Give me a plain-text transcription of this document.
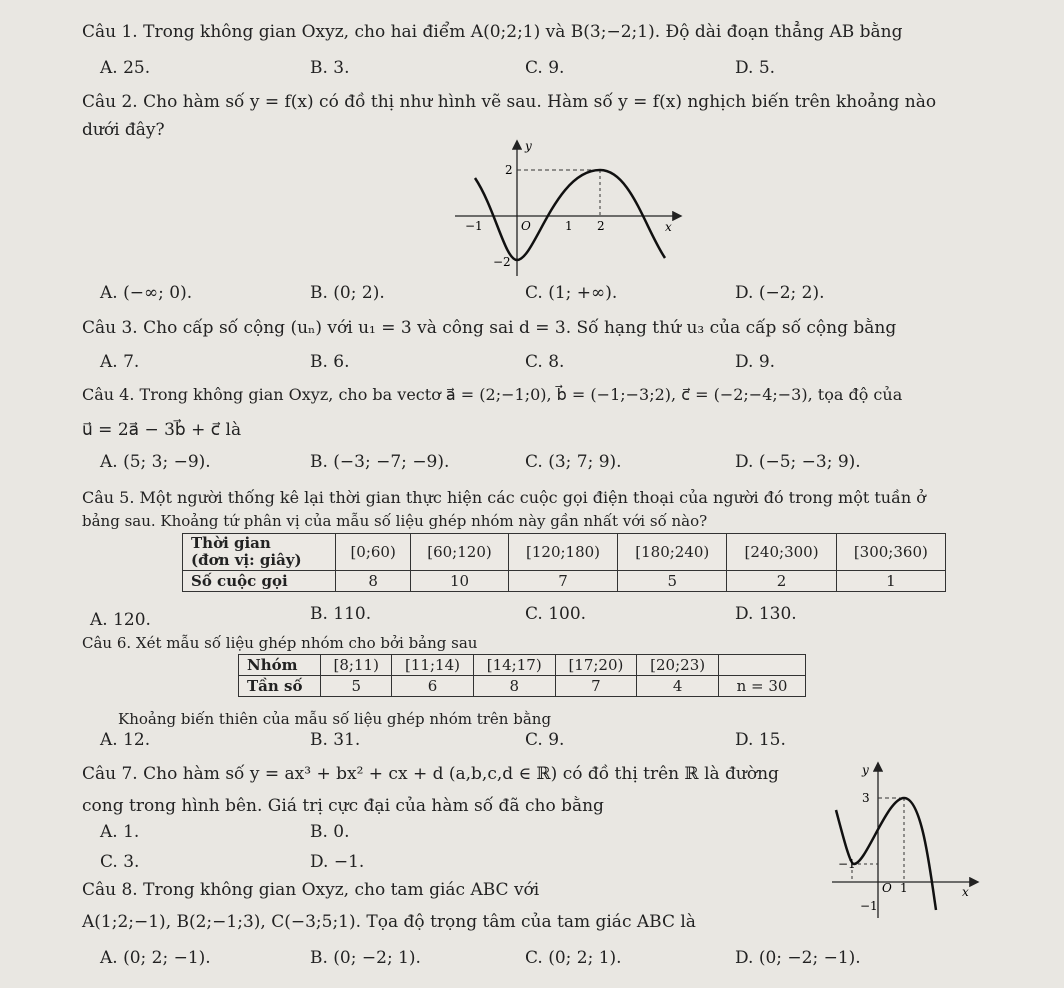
Câu 1. Trong không gian Oxyz, cho hai điểm A(0;2;1) và B(3;−2;1). Độ dài đoạn thẳng AB bằng
A. 25.	B. 3.	C. 9.	D. 5.
Câu 2. Cho hàm số y = f(x) có đồ thị như hình vẽ sau. Hàm số y = f(x) nghịch biến trên khoảng nào
dưới đây?
y
x
2
−2
−1	O	1 2
A. (−∞; 0).	B. (0; 2).	C. (1; +∞).	D. (−2; 2).
Câu 3. Cho cấp số cộng (uₙ) với u₁ = 3 và công sai d = 3. Số hạng thứ u₃ của cấp số cộng bằng
A. 7.	B. 6.	C. 8.	D. 9.
Câu 4. Trong không gian Oxyz, cho ba vectơ a⃗ = (2;−1;0), b⃗ = (−1;−3;2), c⃗ = (−2;−4;−3), tọa độ của
u⃗ = 2a⃗ − 3b⃗ + c⃗ là
A. (5; 3; −9).	B. (−3; −7; −9).	C. (3; 7; 9).	D. (−5; −3; 9).
Câu 5. Một người thống kê lại thời gian thực hiện các cuộc gọi điện thoại của người đó trong một tuần ở
bảng sau. Khoảng tứ phân vị của mẫu số liệu ghép nhóm này gần nhất với số nào?
Thời gian
(đơn vị: giây)	[0;60)	[60;120)	[120;180)	[180;240)	[240;300)	[300;360)
Số cuộc gọi	8	10	7	5	2	1
A. 120.	B. 110.	C. 100.	D. 130.
Câu 6. Xét mẫu số liệu ghép nhóm cho bởi bảng sau
Nhóm	[8;11)	[11;14)	[14;17)	[17;20)	[20;23)	
Tần số	5	6	8	7	4	n = 30
Khoảng biến thiên của mẫu số liệu ghép nhóm trên bằng
A. 12.	B. 31.	C. 9.	D. 15.
Câu 7. Cho hàm số y = ax³ + bx² + cx + d (a,b,c,d ∈ ℝ) có đồ thị trên ℝ là đường
cong trong hình bên. Giá trị cực đại của hàm số đã cho bằng
A. 1.	B. 0.
C. 3.	D. −1.
y
x
3
−1
O 1
−1
Câu 8. Trong không gian Oxyz, cho tam giác ABC với
A(1;2;−1), B(2;−1;3), C(−3;5;1). Tọa độ trọng tâm của tam giác ABC là
A. (0; 2; −1).	B. (0; −2; 1).	C. (0; 2; 1).	D. (0; −2; −1).
